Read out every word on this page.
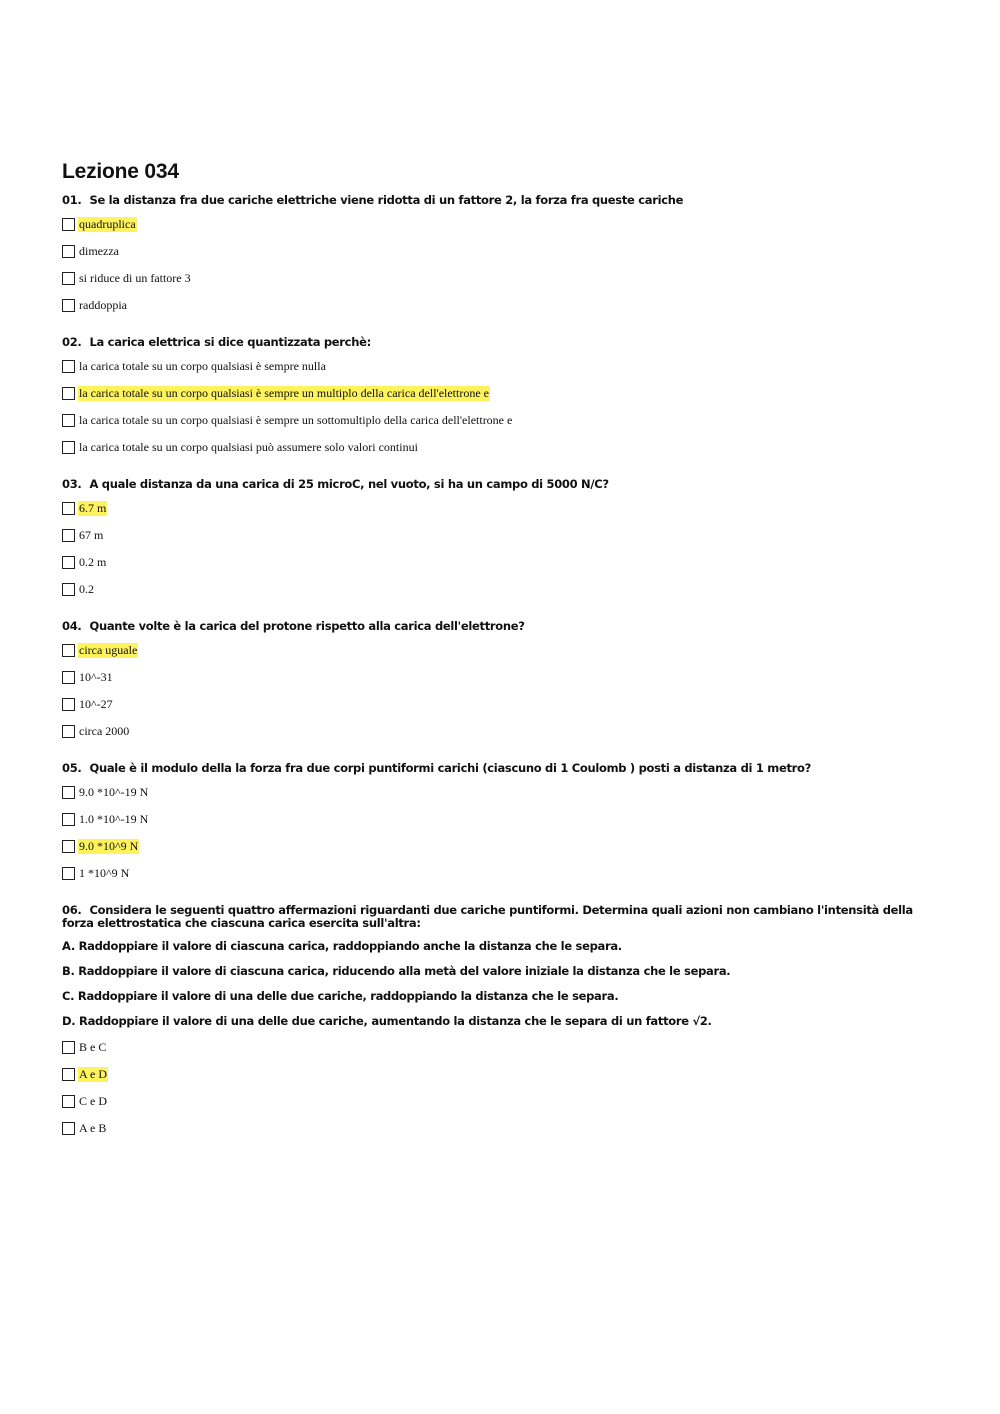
Lezione 034
01. Se la distanza fra due cariche elettriche viene ridotta di un fattore 2, la forza fra queste cariche
quadruplica
dimezza
si riduce di un fattore 3
raddoppia
02. La carica elettrica si dice quantizzata perchè:
la carica totale su un corpo qualsiasi è sempre nulla
la carica totale su un corpo qualsiasi è sempre un multiplo della carica dell'elettrone e
la carica totale su un corpo qualsiasi è sempre un sottomultiplo della carica dell'elettrone e
la carica totale su un corpo qualsiasi può assumere solo valori continui
03. A quale distanza da una carica di 25 microC, nel vuoto, si ha un campo di 5000 N/C?
6.7 m
67 m
0.2 m
0.2
04. Quante volte è la carica del protone rispetto alla carica dell'elettrone?
circa uguale
10^-31
10^-27
circa 2000
05. Quale è il modulo della la forza fra due corpi puntiformi carichi (ciascuno di 1 Coulomb ) posti a distanza di 1 metro?
9.0 *10^-19 N
1.0 *10^-19 N
9.0 *10^9 N
1 *10^9 N
06. Considera le seguenti quattro affermazioni riguardanti due cariche puntiformi. Determina quali azioni non cambiano l'intensità della forza elettrostatica che ciascuna carica esercita sull'altra:
A. Raddoppiare il valore di ciascuna carica, raddoppiando anche la distanza che le separa.
B. Raddoppiare il valore di ciascuna carica, riducendo alla metà del valore iniziale la distanza che le separa.
C. Raddoppiare il valore di una delle due cariche, raddoppiando la distanza che le separa.
D. Raddoppiare il valore di una delle due cariche, aumentando la distanza che le separa di un fattore √2.
B e C
A e D
C e D
A e B
